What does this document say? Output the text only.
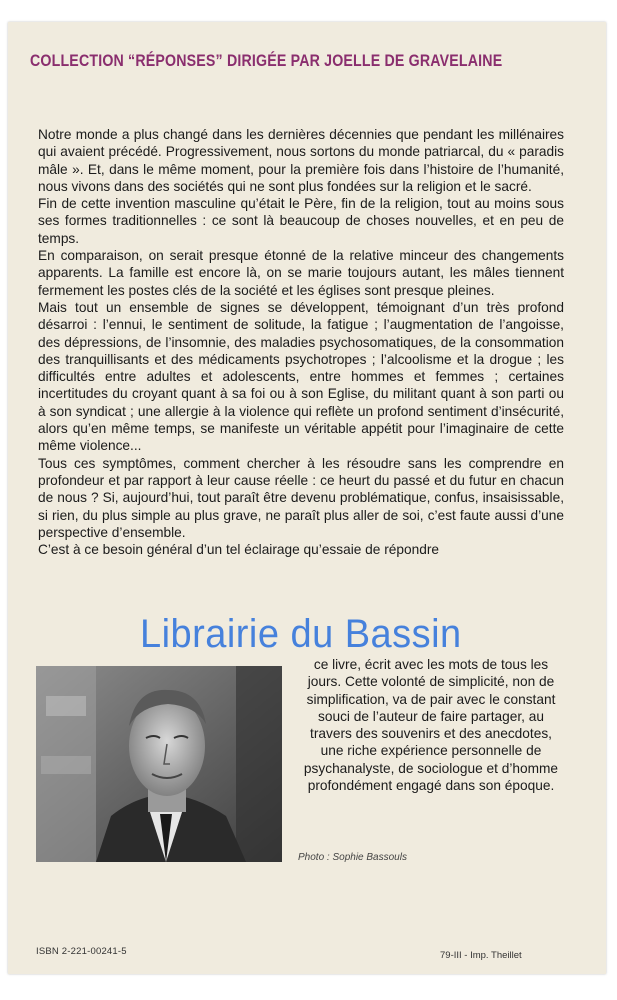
COLLECTION “RÉPONSES” DIRIGÉE PAR JOELLE DE GRAVELAINE

Notre monde a plus changé dans les dernières décennies que pendant les millénaires qui avaient précédé. Progressivement, nous sortons du monde patriarcal, du « paradis mâle ». Et, dans le même moment, pour la première fois dans l’histoire de l’humanité, nous vivons dans des sociétés qui ne sont plus fondées sur la religion et le sacré.

Fin de cette invention masculine qu’était le Père, fin de la religion, tout au moins sous ses formes traditionnelles : ce sont là beaucoup de choses nouvelles, et en peu de temps.

En comparaison, on serait presque étonné de la relative minceur des changements apparents. La famille est encore là, on se marie toujours autant, les mâles tiennent fermement les postes clés de la société et les églises sont presque pleines.

Mais tout un ensemble de signes se développent, témoignant d’un très profond désarroi : l’ennui, le sentiment de solitude, la fatigue ; l’augmentation de l’angoisse, des dépressions, de l’insomnie, des maladies psychosomatiques, de la consommation des tranquillisants et des médicaments psychotropes ; l’alcoolisme et la drogue ; les difficultés entre adultes et adolescents, entre hommes et femmes ; certaines incertitudes du croyant quant à sa foi ou à son Eglise, du militant quant à son parti ou à son syndicat ; une allergie à la violence qui reflète un profond sentiment d’insécurité, alors qu’en même temps, se manifeste un véritable appétit pour l’imaginaire de cette même violence...

Tous ces symptômes, comment chercher à les résoudre sans les comprendre en profondeur et par rapport à leur cause réelle : ce heurt du passé et du futur en chacun de nous ? Si, aujourd’hui, tout paraît être devenu problématique, confus, insaisissable, si rien, du plus simple au plus grave, ne paraît plus aller de soi, c’est faute aussi d’une perspective d’ensemble.

C’est à ce besoin général d’un tel éclairage qu’essaie de répondre

ce livre, écrit avec les mots de tous les jours. Cette volonté de simplicité, non de simplification, va de pair avec le constant souci de l’auteur de faire partager, au travers des souvenirs et des anecdotes, une riche expérience personnelle de psychanalyste, de sociologue et d’homme profondément engagé dans son époque.
Photo : Sophie Bassouls
Librairie du Bassin
ISBN 2-221-00241-5	79-III - Imp. Theillet
